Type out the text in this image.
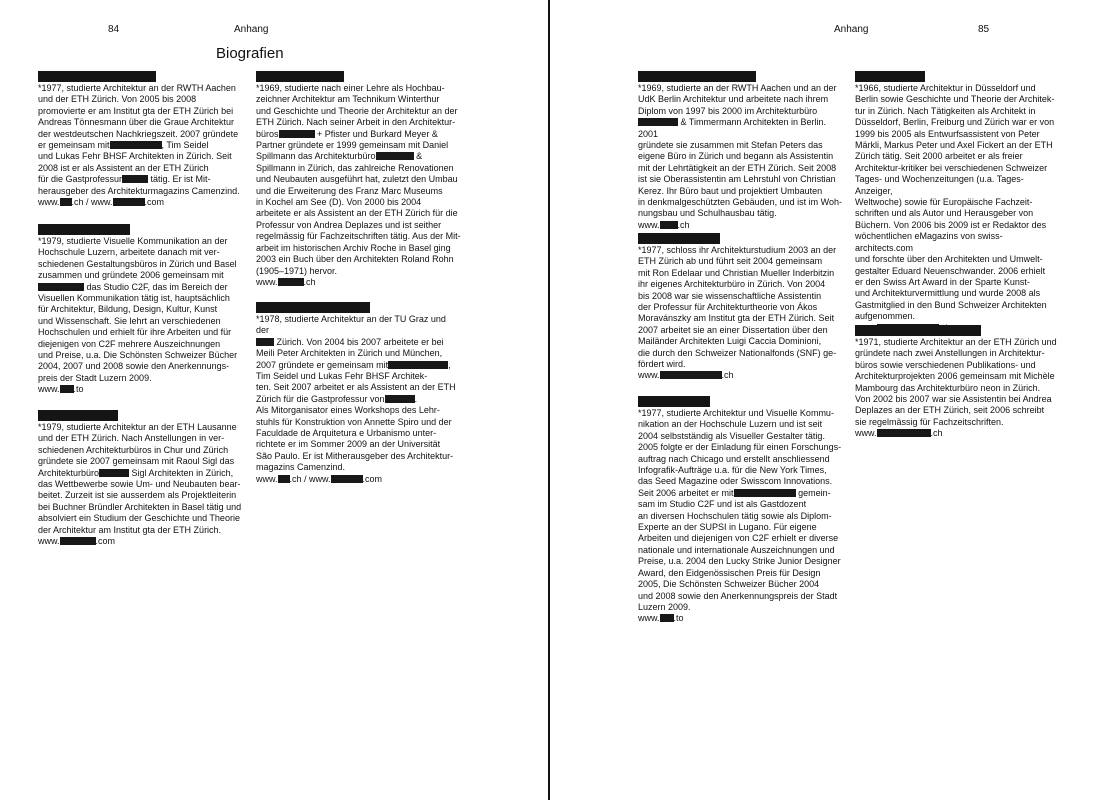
84	Anhang
Biografien

*1977, studierte Architektur an der RWTH Aachen
und der ETH Zürich. Von 2005 bis 2008
promovierte er am Institut gta der ETH Zürich bei
Andreas Tönnesmann über die Graue Architektur
der westdeutschen Nachkriegszeit. 2007 gründete
er gemeinsam mit	, Tim Seidel
und Lukas Fehr BHSF Architekten in Zürich. Seit
2008 ist er als Assistent an der ETH Zürich
für die Gastprofessur	tätig. Er ist Mit-
herausgeber des Architekturmagazins Camenzind.

www. .ch / www.	.com

*1979, studierte Visuelle Kommunikation an der
Hochschule Luzern, arbeitete danach mit ver-
schiedenen Gestaltungsbüros in Zürich und Basel
zusammen und gründete 2006 gemeinsam mit das Studio C2F, das im Bereich der
Visuellen Kommunikation tätig ist, hauptsächlich
für Architektur, Bildung, Design, Kultur, Kunst
und Wissenschaft. Sie lehrt an verschiedenen
Hochschulen und erhielt für ihre Arbeiten und für
diejenigen von C2F mehrere Auszeichnungen
und Preise, u.a. Die Schönsten Schweizer Bücher
2004, 2007 und 2008 sowie den Anerkennungs-
preis der Stadt Luzern 2009.

www. .to

*1979, studierte Architektur an der ETH Lausanne
und der ETH Zürich. Nach Anstellungen in ver-
schiedenen Architekturbüros in Chur und Zürich
gründete sie 2007 gemeinsam mit Raoul Sigl das
Architekturbüro	Sigl Architekten in Zürich,
das Wettbewerbe sowie Um- und Neubauten bear-
beitet. Zurzeit ist sie ausserdem als Projektleiterin
bei Buchner Bründler Architekten in Basel tätig und
absolviert ein Studium der Geschichte und Theorie
der Architektur am Institut gta der ETH Zürich.

www.	.com

*1969, studierte nach einer Lehre als Hochbau-
zeichner Architektur am Technikum Winterthur
und Geschichte und Theorie der Architektur an der
ETH Zürich. Nach seiner Arbeit in den Architektur-
büros	+ Pfister und Burkard Meyer &
Partner gründete er 1999 gemeinsam mit Daniel
Spillmann das Architekturbüro	&
Spillmann in Zürich, das zahlreiche Renovationen
und Neubauten ausgeführt hat, zuletzt den Umbau
und die Erweiterung des Franz Marc Museums
in Kochel am See (D). Von 2000 bis 2004
arbeitete er als Assistent an der ETH Zürich für die
Professur von Andrea Deplazes und ist seither
regelmässig für Fachzeitschriften tätig. Aus der Mit-
arbeit im historischen Archiv Roche in Basel ging
2003 ein Buch über den Architekten Roland Rohn
(1905–1971) hervor.

www.	.ch

*1978, studierte Architektur an der TU Graz und der
Zürich. Von 2004 bis 2007 arbeitete er bei
Meili Peter Architekten in Zürich und München,
2007 gründete er gemeinsam mit	, Tim Seidel und Lukas Fehr BHSF Architek-
ten. Seit 2007 arbeitet er als Assistent an der ETH
Zürich für die Gastprofessur von	.
Als Mitorganisator eines Workshops des Lehr-
stuhls für Konstruktion von Annette Spiro und der
Faculdade de Arquitetura e Urbanismo unter-
richtete er im Sommer 2009 an der Universität
São Paulo. Er ist Mitherausgeber des Architektur-
magazins Camenzind.

www. .ch / www.	.com

Anhang	85

*1969, studierte an der RWTH Aachen und an der
UdK Berlin Architektur und arbeitete nach ihrem
Diplom von 1997 bis 2000 im Architekturbüro
& Timmermann Architekten in Berlin. 2001
gründete sie zusammen mit Stefan Peters das
eigene Büro in Zürich und begann als Assistentin
mit der Lehrtätigkeit an der ETH Zürich. Seit 2008
ist sie Oberassistentin am Lehrstuhl von Christian
Kerez. Ihr Büro baut und projektiert Umbauten
in denkmalgeschützten Gebäuden, und ist im Woh-
nungsbau und Schulhausbau tätig.

www. .ch

*1977, schloss ihr Architekturstudium 2003 an der
ETH Zürich ab und führt seit 2004 gemeinsam
mit Ron Edelaar und Christian Mueller Inderbitzin
ihr eigenes Architekturbüro in Zürich. Von 2004
bis 2008 war sie wissenschaftliche Assistentin
der Professur für Architekturtheorie von Ákos
Moravánszky am Institut gta der ETH Zürich. Seit
2007 arbeitet sie an einer Dissertation über den
Mailänder Architekten Luigi Caccia Dominioni,
die durch den Schweizer Nationalfonds (SNF) ge-
fördert wird.

www.	.ch

*1977, studierte Architektur und Visuelle Kommu-
nikation an der Hochschule Luzern und ist seit
2004 selbstständig als Visueller Gestalter tätig.
2005 folgte er der Einladung für einen Forschungs-
auftrag nach Chicago und erstellt anschliessend
Infografik-Aufträge u.a. für die New York Times,
das Seed Magazine oder Swisscom Innovations.
Seit 2006 arbeitet er mit	gemein-
sam im Studio C2F und ist als Gastdozent
an diversen Hochschulen tätig sowie als Diplom-
Experte an der SUPSI in Lugano. Für eigene
Arbeiten und diejenigen von C2F erhielt er diverse
nationale und internationale Auszeichnungen und
Preise, u.a. 2004 den Lucky Strike Junior Designer
Award, den Eidgenössischen Preis für Design
2005, Die Schönsten Schweizer Bücher 2004
und 2008 sowie den Anerkennungspreis der Stadt
Luzern 2009.

www. .to

*1966, studierte Architektur in Düsseldorf und
Berlin sowie Geschichte und Theorie der Architek-
tur in Zürich. Nach Tätigkeiten als Architekt in
Düsseldorf, Berlin, Freiburg und Zürich war er von
1999 bis 2005 als Entwurfsassistent von Peter
Märkli, Markus Peter und Axel Fickert an der ETH
Zürich tätig. Seit 2000 arbeitet er als freier
Architektur-kritiker bei verschiedenen Schweizer
Tages- und Wochenzeitungen (u.a. Tages-Anzeiger,
Weltwoche) sowie für Europäische Fachzeit-
schriften und als Autor und Herausgeber von
Büchern. Von 2006 bis 2009 ist er Redaktor des
wöchentlichen eMagazins von swiss-architects.com
und forschte über den Architekten und Umwelt-
gestalter Eduard Neuenschwander. 2006 erhielt
er den Swiss Art Award in der Sparte Kunst-
und Architekturvermittlung und wurde 2008 als
Gastmitglied in den Bund Schweizer Architekten
aufgenommen.

*1971, studierte Architektur an der ETH Zürich und
gründete nach zwei Anstellungen in Architektur-
büros sowie verschiedenen Publikations- und
Architekturprojekten 2006 gemeinsam mit Michèle
Mambourg das Architekturbüro neon in Zürich.
Von 2002 bis 2007 war sie Assistentin bei Andrea
Deplazes an der ETH Zürich, seit 2006 schreibt
sie regelmässig für Fachzeitschriften.

www.	.ch
